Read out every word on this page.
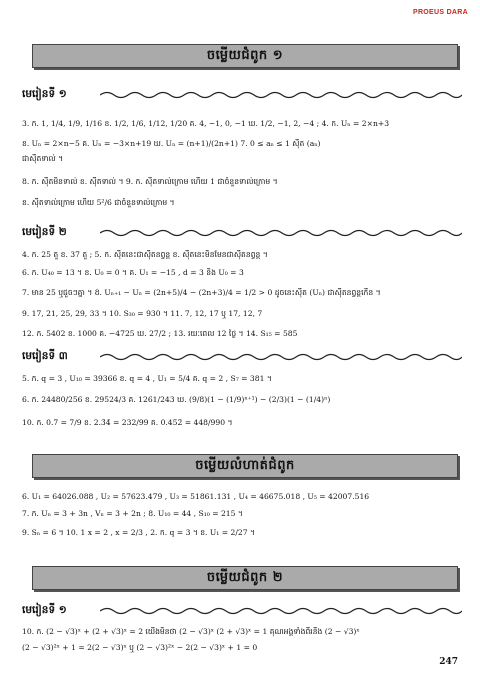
PROEUS DARA
ចម្លើយជំពូក ១
មេរៀនទី ១
3. ក. 1, 1/4, 1/9, 1/16 ខ. 1/2, 1/6, 1/12, 1/20 គ. 4, −1, 0, −1 ឃ. 1/2, −1, 2, −4 ; 4. ក. Uₙ = 2×n+3
ខ. Uₙ = 2×n−5 គ. Uₙ = −3×n+19 ឃ. Uₙ = (n+1)/(2n+1) 7. 0 ≤ aₙ ≤ 1 ស៊ីត (aₙ)
ជាស៊ីតទាល់ ។
8. ក. ស៊ីតមិនទាល់ ខ. ស៊ីតទាល់ ។ 9. ក. ស៊ីតទាល់ក្រោម ហើយ 1 ជាចំនួនទាល់ក្រោម ។
ខ. ស៊ីតទាល់ក្រោម ហើយ 5²/6 ជាចំនួនទាល់ក្រោម ។
មេរៀនទី ២
4. ក. 25 តួ ខ. 37 តួ ; 5. ក. ស៊ីតនេះជាស៊ីតនព្វន្ត ខ. ស៊ីតនេះមិនមែនជាស៊ីតនព្វន្ត ។
6. ក. U₄₀ = 13 ។ ខ. U₀ = 0 ។ គ. U₁ = −15 , d = 3 និង U₀ = 3
7. មាន 25 ឬជួចៗគ្នា ។ 8. Uₙ₊₁ − Uₙ = (2n+5)/4 − (2n+3)/4 = 1/2 > 0 ដូចនេះស៊ីត (Uₙ) ជាស៊ីតនព្វន្តកើន ។
9. 17, 21, 25, 29, 33 ។ 10. S₃₀ = 930 ។ 11. 7, 12, 17 ឬ 17, 12, 7
12. ក. 5402 ខ. 1000 គ. −4725 ឃ. 27/2 ; 13. រយៈពេល 12 ថ្ងៃ ។ 14. S₁₅ = 585
មេរៀនទី ៣
5. ក. q = 3 , U₁₀ = 39366 ខ. q = 4 , U₁ = 5/4 គ. q = 2 , S₇ = 381 ។
6. ក. 24480/256 ខ. 29524/3 គ. 1261/243 ឃ. (9/8)(1 − (1/9)ⁿ⁺¹) − (2/3)(1 − (1/4)ⁿ)
10. ក. 0.7̄ = 7/9 ខ. 2.3̄4̄ = 232/99 គ. 0.45̄2̄ = 448/990 ។
ចម្លើយលំហាត់ជំពូក
6. U₁ = 64026.088 , U₂ = 57623.479 , U₃ = 51861.131 , U₄ = 46675.018 , U₅ = 42007.516
7. ក. Uₙ = 3 + 3n , Vₙ = 3 + 2n ; 8. U₁₀ = 44 , S₁₀ = 215 ។
9. Sₙ = 6 ។ 10. 1 x = 2 , x = 2/3 , 2. ក. q = 3 ។ ខ. U₁ = 2/27 ។
ចម្លើយជំពូក ២
មេរៀនទី ១
10. ក. (2 − √3)ˣ + (2 + √3)ˣ = 2 យើងមិនថា (2 − √3)ˣ (2 + √3)ˣ = 1 គុណអង្គទាំងពីរនឹង (2 − √3)ˣ
(2 − √3)²ˣ + 1 = 2(2 − √3)ˣ ឬ (2 − √3)²ˣ − 2(2 − √3)ˣ + 1 = 0
247
